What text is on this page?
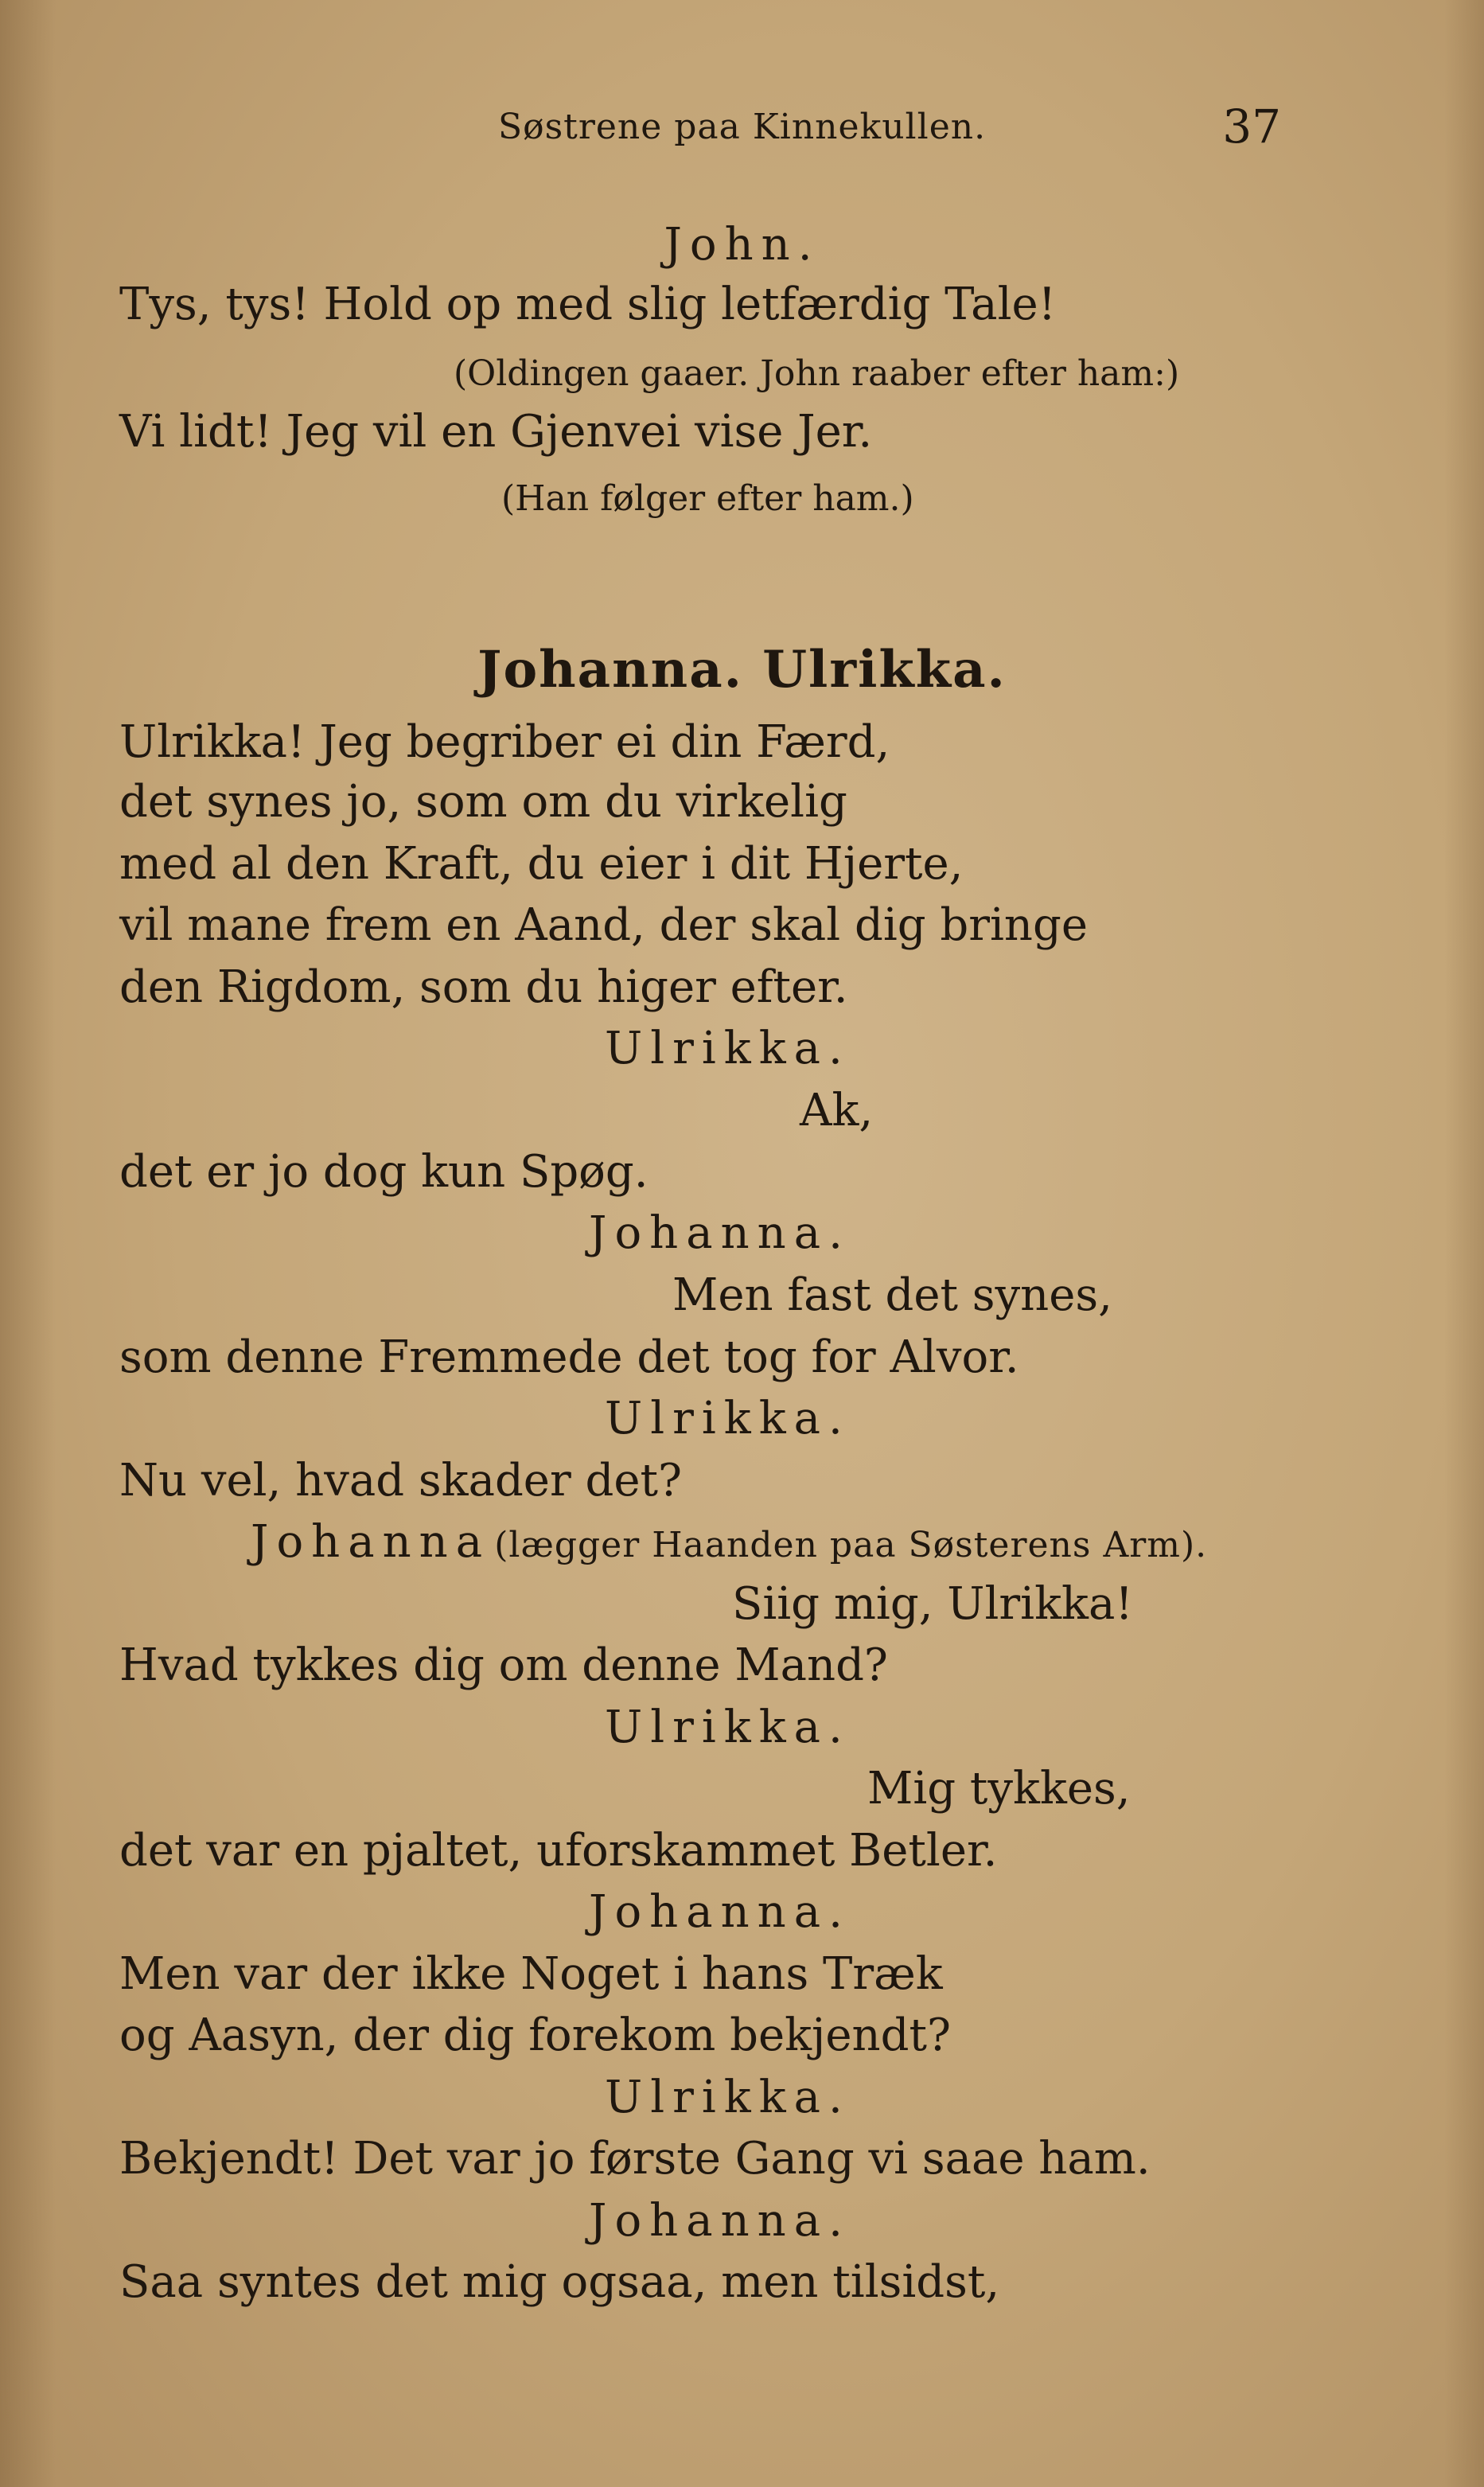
Søstrene paa Kinnekullen.	37
John.
Tys, tys! Hold op med slig letfærdig Tale!
(Oldingen gaaer. John raaber efter ham:)
Vi lidt! Jeg vil en Gjenvei vise Jer.
(Han følger efter ham.)
Johanna. Ulrikka.
Ulrikka! Jeg begriber ei din Færd,
det synes jo, som om du virkelig
med al den Kraft, du eier i dit Hjerte,
vil mane frem en Aand, der skal dig bringe
den Rigdom, som du higer efter.
Ulrikka.
Ak,
det er jo dog kun Spøg.
Johanna.
Men fast det synes,
som denne Fremmede det tog for Alvor.
Ulrikka.
Nu vel, hvad skader det?
Johanna (lægger Haanden paa Søsterens Arm).
Siig mig, Ulrikka!
Hvad tykkes dig om denne Mand?
Ulrikka.
Mig tykkes,
det var en pjaltet, uforskammet Betler.
Johanna.
Men var der ikke Noget i hans Træk
og Aasyn, der dig forekom bekjendt?
Ulrikka.
Bekjendt! Det var jo første Gang vi saae ham.
Johanna.
Saa syntes det mig ogsaa, men tilsidst,
